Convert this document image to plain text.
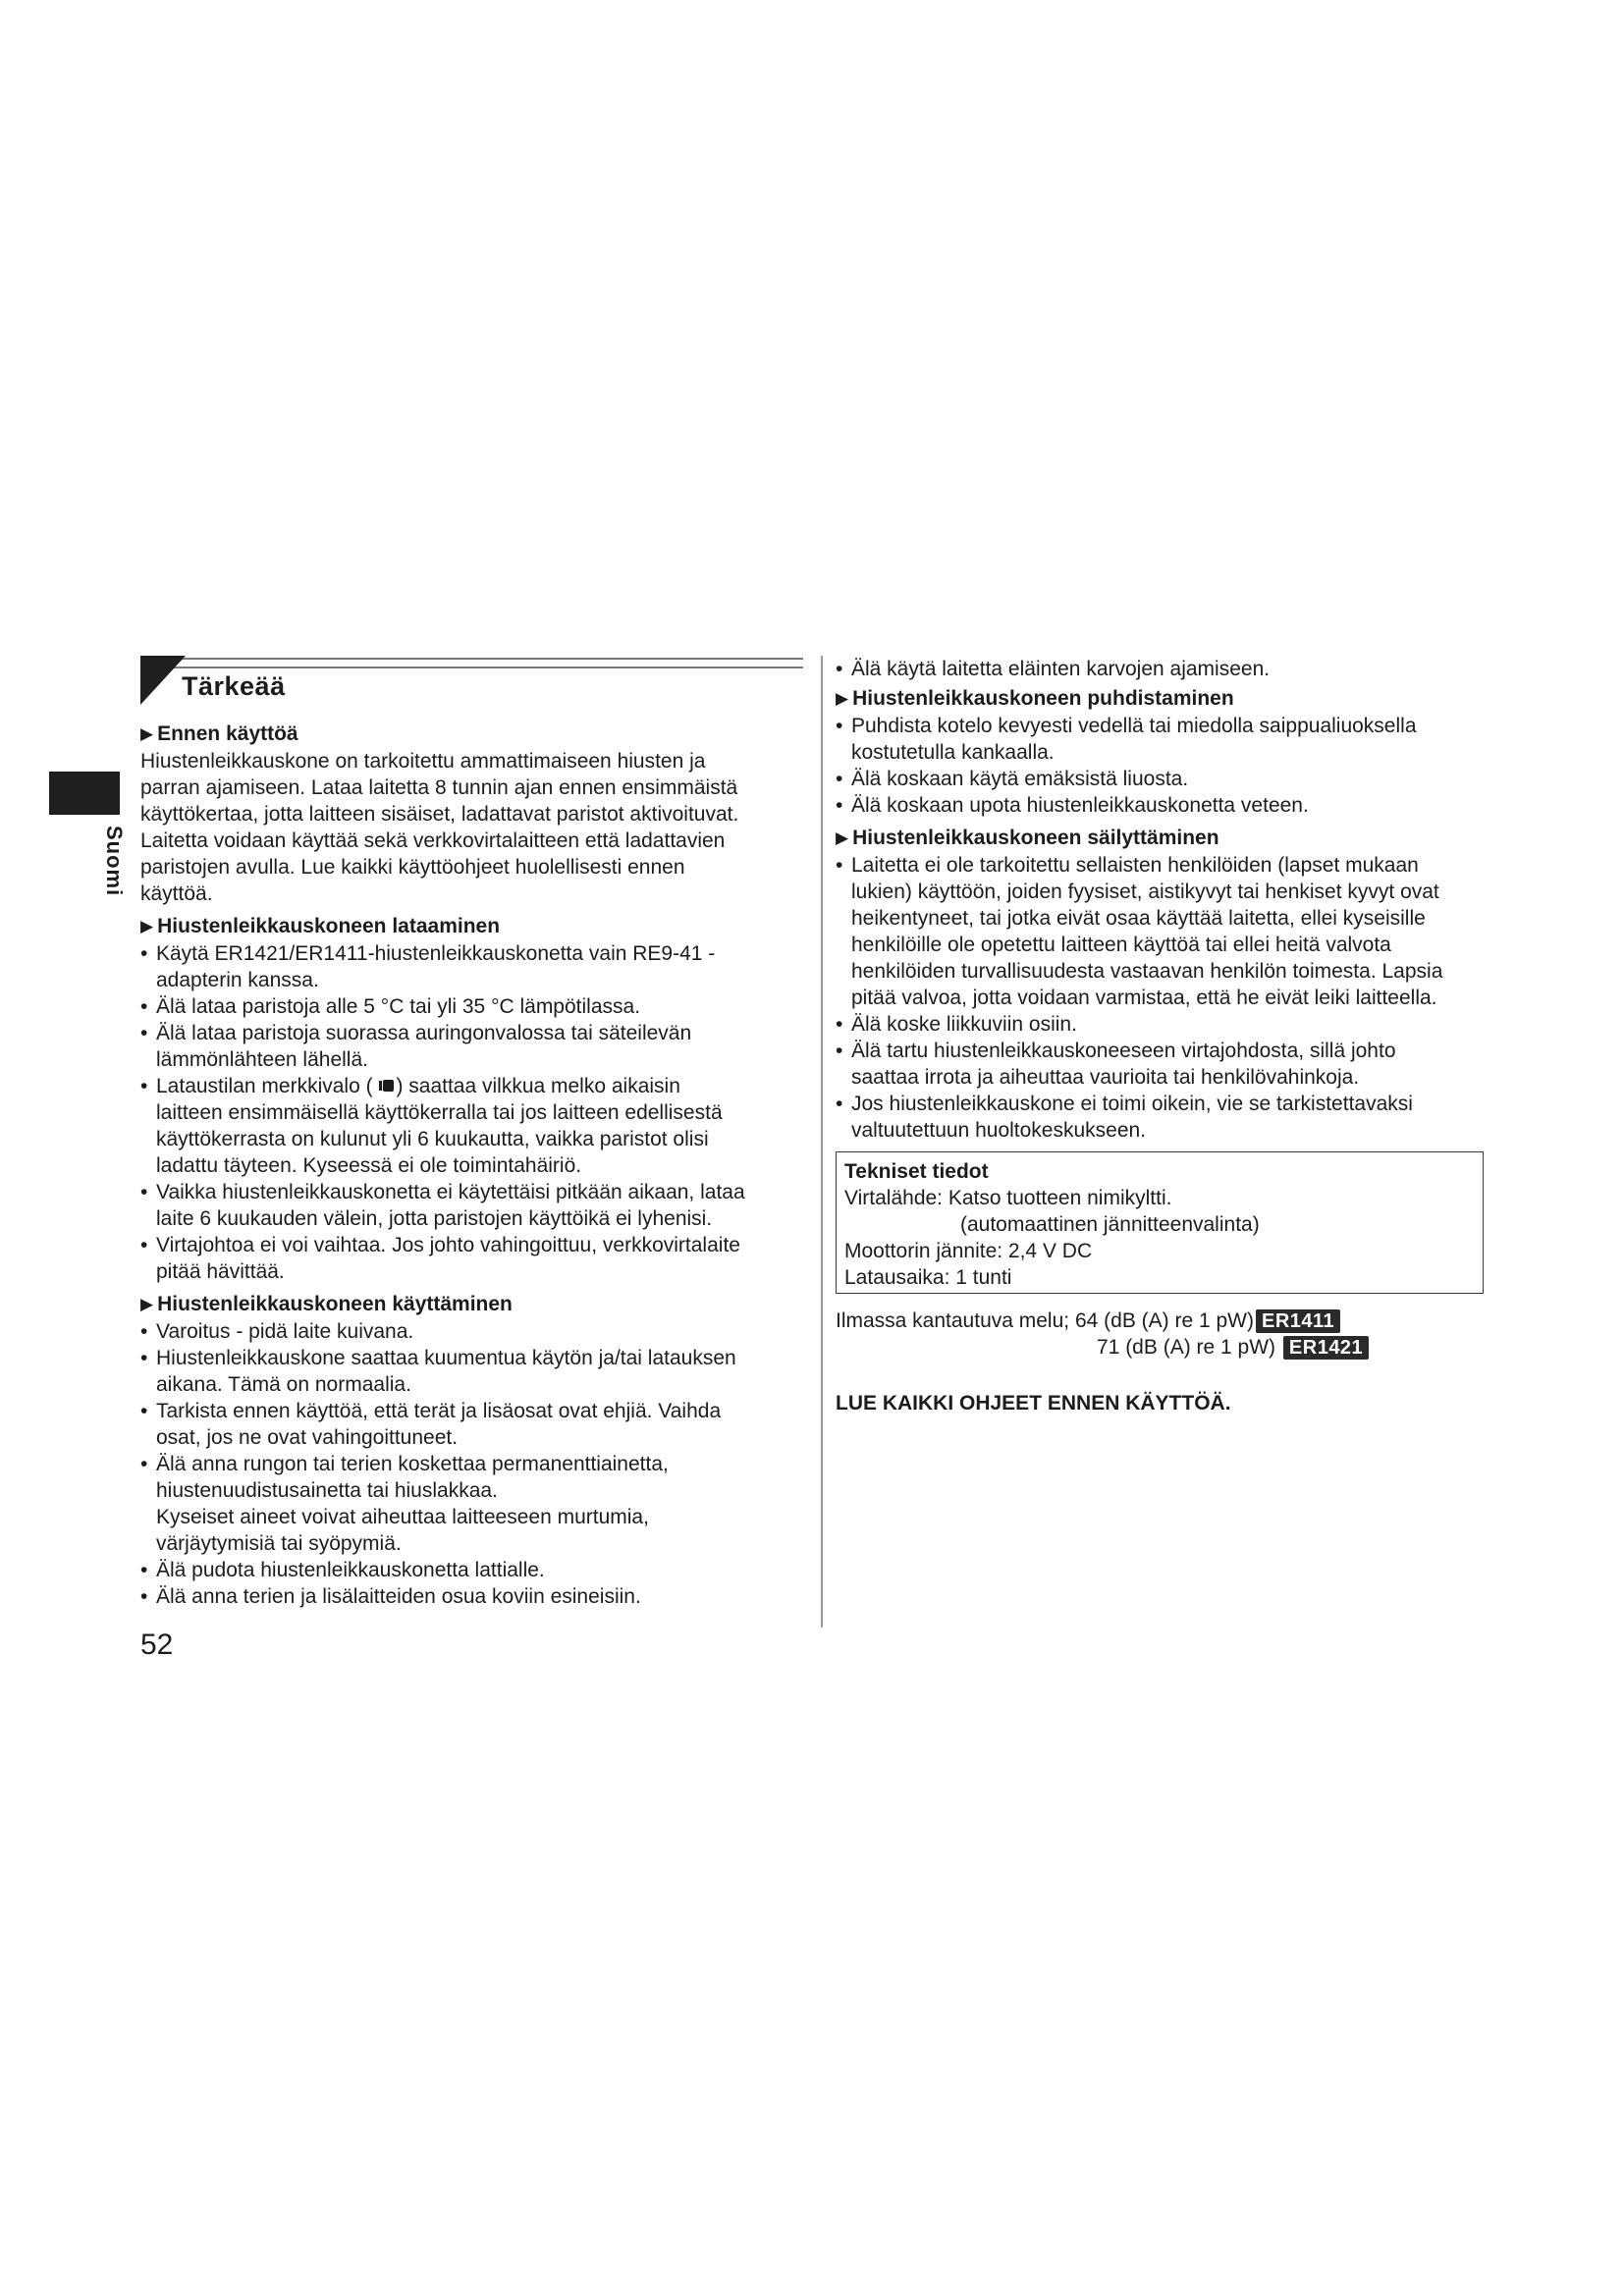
Suomi
Tärkeää

▶ Ennen käyttöä

Hiustenleikkauskone on tarkoitettu ammattimaiseen hiusten ja

parran ajamiseen. Lataa laitetta 8 tunnin ajan ennen ensimmäistä

käyttökertaa, jotta laitteen sisäiset, ladattavat paristot aktivoituvat.

Laitetta voidaan käyttää sekä verkkovirtalaitteen että ladattavien

paristojen avulla. Lue kaikki käyttöohjeet huolellisesti ennen

käyttöä.

▶ Hiustenleikkauskoneen lataaminen

• Käytä ER1421/ER1411-hiustenleikkauskonetta vain RE9-41 -

adapterin kanssa.

• Älä lataa paristoja alle 5 °C tai yli 35 °C lämpötilassa.

• Älä lataa paristoja suorassa auringonvalossa tai säteilevän

lämmönlähteen lähellä.

• Lataustilan merkkivalo ( ) saattaa vilkkua melko aikaisin

laitteen ensimmäisellä käyttökerralla tai jos laitteen edellisestä

käyttökerrasta on kulunut yli 6 kuukautta, vaikka paristot olisi

ladattu täyteen. Kyseessä ei ole toimintahäiriö.

• Vaikka hiustenleikkauskonetta ei käytettäisi pitkään aikaan, lataa

laite 6 kuukauden välein, jotta paristojen käyttöikä ei lyhenisi.

• Virtajohtoa ei voi vaihtaa. Jos johto vahingoittuu, verkkovirtalaite

pitää hävittää.

▶ Hiustenleikkauskoneen käyttäminen

• Varoitus - pidä laite kuivana.

• Hiustenleikkauskone saattaa kuumentua käytön ja/tai latauksen

aikana. Tämä on normaalia.

• Tarkista ennen käyttöä, että terät ja lisäosat ovat ehjiä. Vaihda

osat, jos ne ovat vahingoittuneet.

• Älä anna rungon tai terien koskettaa permanenttiainetta,

hiustenuudistusainetta tai hiuslakkaa.

Kyseiset aineet voivat aiheuttaa laitteeseen murtumia,

värjäytymisiä tai syöpymiä.

• Älä pudota hiustenleikkauskonetta lattialle.

• Älä anna terien ja lisälaitteiden osua koviin esineisiin.

52

• Älä käytä laitetta eläinten karvojen ajamiseen.

▶ Hiustenleikkauskoneen puhdistaminen

• Puhdista kotelo kevyesti vedellä tai miedolla saippualiuoksella

kostutetulla kankaalla.

• Älä koskaan käytä emäksistä liuosta.

• Älä koskaan upota hiustenleikkauskonetta veteen.

▶ Hiustenleikkauskoneen säilyttäminen

• Laitetta ei ole tarkoitettu sellaisten henkilöiden (lapset mukaan

lukien) käyttöön, joiden fyysiset, aistikyvyt tai henkiset kyvyt ovat

heikentyneet, tai jotka eivät osaa käyttää laitetta, ellei kyseisille

henkilöille ole opetettu laitteen käyttöä tai ellei heitä valvota

henkilöiden turvallisuudesta vastaavan henkilön toimesta. Lapsia

pitää valvoa, jotta voidaan varmistaa, että he eivät leiki laitteella.

• Älä koske liikkuviin osiin.

• Älä tartu hiustenleikkauskoneeseen virtajohdosta, sillä johto

saattaa irrota ja aiheuttaa vaurioita tai henkilövahinkoja.

• Jos hiustenleikkauskone ei toimi oikein, vie se tarkistettavaksi

valtuutettuun huoltokeskukseen.

Tekniset tiedot

Virtalähde: Katso tuotteen nimikyltti.

(automaattinen jännitteenvalinta)

Moottorin jännite: 2,4 V DC

Latausaika: 1 tunti

Ilmassa kantautuva melu; 64 (dB (A) re 1 pW) ER1411
71 (dB (A) re 1 pW) ER1421

LUE KAIKKI OHJEET ENNEN KÄYTTÖÄ.
